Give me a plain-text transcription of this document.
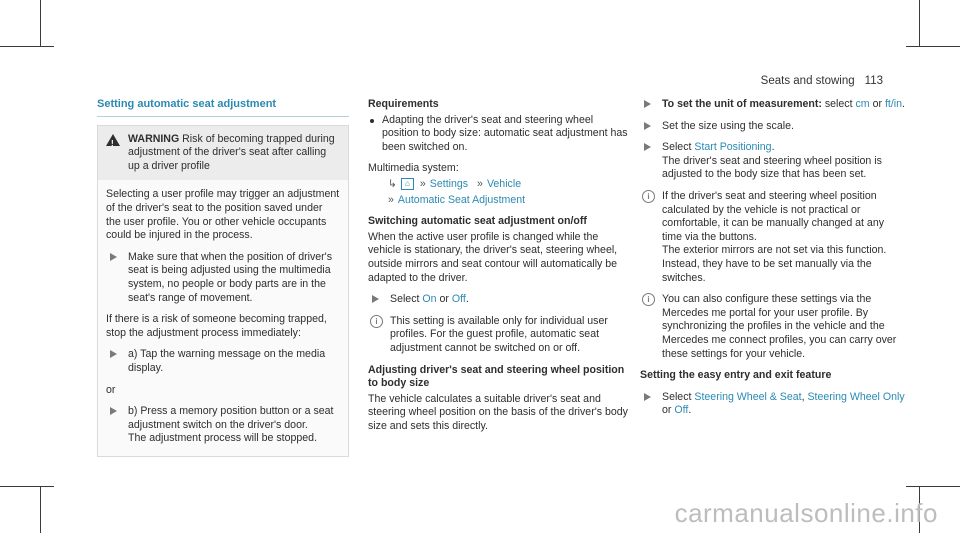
Seats and stowing 113
Setting automatic seat adjustment
! WARNING Risk of becoming trapped during adjustment of the driver's seat after calling up a driver profile

Selecting a user profile may trigger an adjustment of the driver's seat to the position saved under the user profile. You or other vehicle occupants could be injured in the process.

Make sure that when the position of driver's seat is being adjusted using the multimedia system, no people or body parts are in the seat's range of movement.

If there is a risk of someone becoming trapped, stop the adjustment process immediately:

a) Tap the warning message on the media display.

or

b) Press a memory position button or a seat adjustment switch on the driver's door.
The adjustment process will be stopped.
Requirements
Adapting the driver's seat and steering wheel position to body size: automatic seat adjustment has been switched on.
Multimedia system:
↳ ⌂ » Settings » Vehicle
» Automatic Seat Adjustment
Switching automatic seat adjustment on/off

When the active user profile is changed while the vehicle is stationary, the driver's seat, steering wheel, outside mirrors and seat contour will automatically be adapted to the driver.

Select On or Off.
i	This setting is available only for individual user profiles. For the guest profile, automatic seat adjustment cannot be switched on or off.
Adjusting driver's seat and steering wheel position to body size

The vehicle calculates a suitable driver's seat and steering wheel position on the basis of the driver's body size and sets this directly.

To set the unit of measurement: select cm or ft/in.
Set the size using the scale.
Select Start Positioning.
The driver's seat and steering wheel position is adjusted to the body size that has been set.
i	If the driver's seat and steering wheel position calculated by the vehicle is not practical or comfortable, it can be manually changed at any time via the buttons.
The exterior mirrors are not set via this function. Instead, they have to be set manually via the switches.
i	You can also configure these settings via the Mercedes me portal for your user profile. By synchronizing the profiles in the vehicle and the Mercedes me connect profiles, you can carry over these settings for your vehicle.
Setting the easy entry and exit feature
Select Steering Wheel & Seat, Steering Wheel Only or Off.
carmanualsonline.info
